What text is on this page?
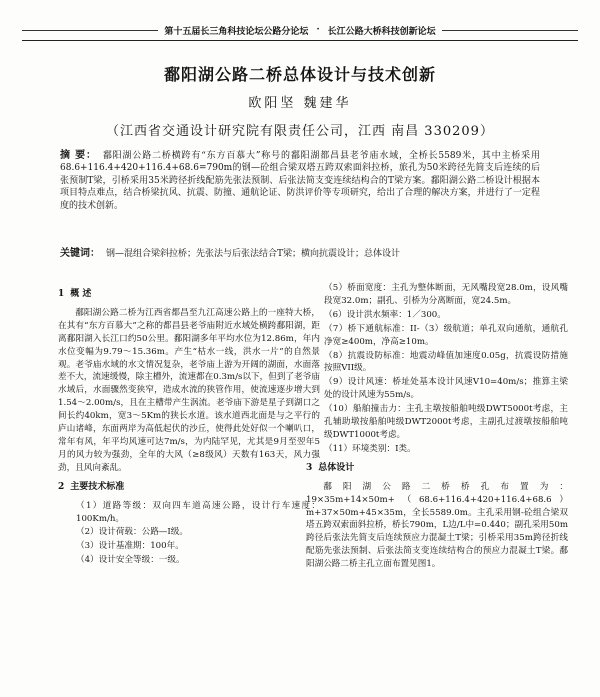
第十五届长三角科技论坛公路分论坛 · 长江公路大桥科技创新论坛
鄱阳湖公路二桥总体设计与技术创新
欧阳坚 魏建华
（江西省交通设计研究院有限责任公司，江西 南昌 330209）
摘 要： 鄱阳湖公路二桥横跨有“东方百慕大”称号的鄱阳湖都昌县老爷庙水域，全桥长5589米，其中主桥采用68.6+116.4+420+116.4+68.6=790m的钢—砼组合梁双塔五跨双索面斜拉桥，旅孔为50米跨径先简支后连续的后张预制T梁，引桥采用35米跨径折线配筋先张法预制、后张法简支变连续结构合的T梁方案。鄱阳湖公路二桥设计根据本项目特点难点，结合桥梁抗风、抗震、防撞、通航论证、防洪评价等专项研究，给出了合理的解决方案，并进行了一定程度的技术创新。
关键词： 钢—混组合梁斜拉桥；先张法与后张法结合T梁；横向抗震设计；总体设计
1 概 述

鄱阳湖公路二桥为江西省都昌至九江高速公路上的一座特大桥，在其有“东方百慕大”之称的都昌县老爷庙附近水域处横跨鄱阳湖，距离鄱阳湖入长江口约50公里。鄱阳湖多年平均水位为12.86m，年内水位变幅为9.79～15.36m。产生“枯水一线，洪水一片”的自然景观。老爷庙水域的水文情况复杂，老爷庙上游为开阔的湖面，水面落差不大，流速缓慢，除主槽外，流速都在0.3m/s以下，但到了老爷庙水域后，水面骤然变狭窄，造成水流的狭管作用，使流速逐步增大到1.54～2.00m/s，且在主槽带产生涡流。老爷庙下游是星子到湖口之间长约40km，宽3～5Km的狭长水道。该水道西北面是与之平行的庐山诸峰，东面两岸为高低起伏的沙丘，使得此处好似一个喇叭口，常年有风，年平均风速可达7m/s，为内陆罕见，尤其是9月至翌年5月的风力较为强劲，全年的大风（≥8级风）天数有163天，风力强劲，且风向紊乱。

2 主要技术标准

（1）道路等级：双向四车道高速公路，设计行车速度：100Km/h。

（2）设计荷载：公路—I级。

（3）设计基准期：100年。

（4）设计安全等级：一级。

（5）桥面宽度：主孔为整体断面，无风嘴段宽28.0m，设风嘴段宽32.0m；副孔、引桥为分离断面，宽24.5m。

（6）设计洪水频率：1／300。

（7）桥下通航标准：II-（3）级航道；单孔双向通航，通航孔净宽≥400m，净高≥10m。

（8）抗震设防标准：地震动峰值加速度0.05g，抗震设防措施按照VII级。

（9）设计风速：桥址处基本设计风速V10=40m/s；推算主梁处的设计风速为55m/s。

（10）船舶撞击力：主孔主墩按船舶吨级DWT5000t考虑，主孔辅助墩按船舶吨级DWT2000t考虑，主副孔过渡墩按船舶吨级DWT1000t考虑。

（11）环境类别：I类。

3 总体设计

鄱阳湖公路二桥桥孔布置为：19×35m+14×50m+（68.6+116.4+420+116.4+68.6）m+37×50m+45×35m，全长5589.0m。主孔采用钢-砼组合梁双塔五跨双索面斜拉桥，桥长790m，L边/L中=0.440；副孔采用50m跨径后张法先简支后连续预应力混凝土T梁；引桥采用35m跨径折线配筋先张法预制、后张法简支变连续结构合的预应力混凝土T梁。鄱阳湖公路二桥主孔立面布置见图1。
